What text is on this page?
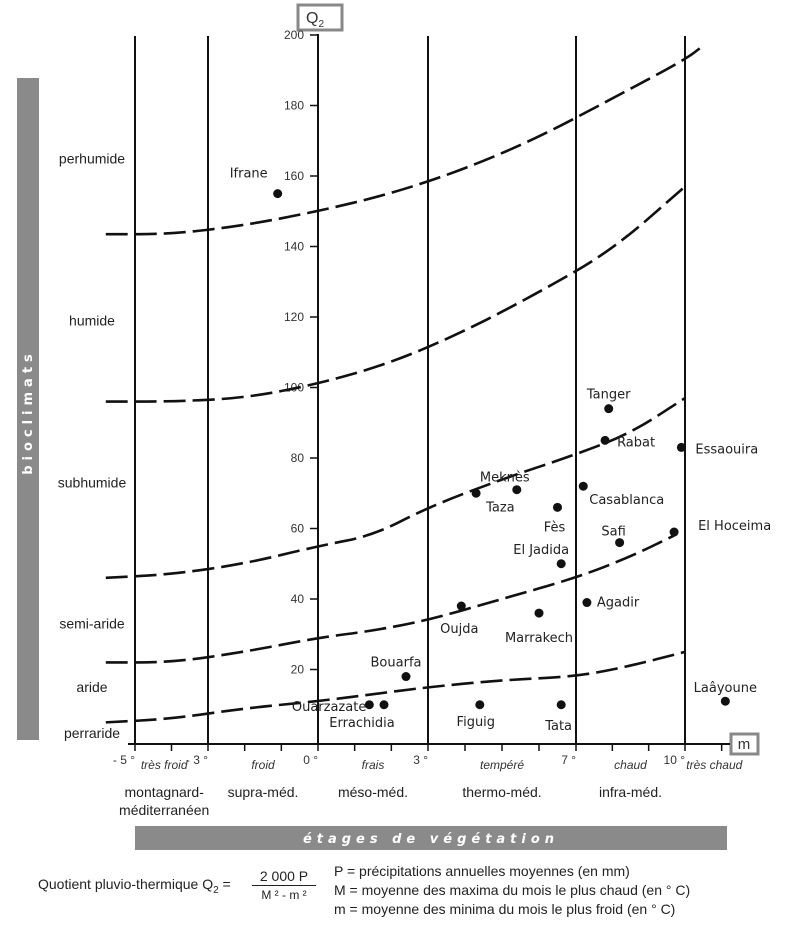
bioclimats
étages de végétation
$Q_2$
m
20
40
60
80
100
120
140
160
180
200
- 5 °	- 3 °	0 °	3 °	7 °	10 °
perhumide
humide
subhumide
semi-aride
aride
perraride
Ifrane
Tanger
Rabat	Essaouira
Meknès
Taza	Casablanca
Fès	Safi	El Hoceima
El Jadida
Oujda
Marrakech
Agadir
Bouarfa
Ouarzazate
Errachidia	Figuig	Tata
Laâyoune
très froid	froid	frais	tempéré	chaud	très chaud
montagnard-
méditerranéen
supra-méd.	méso-méd.	thermo-méd.	infra-méd.
Quotient pluvio-thermique $Q_2 = \frac{2 000 P}{\text{M ² - m ²}}$ P = précipitations annuelles moyennes (en mm)
M = moyenne des maxima du mois le plus chaud (en ° C)
m = moyenne des minima du mois le plus froid (en ° C)
